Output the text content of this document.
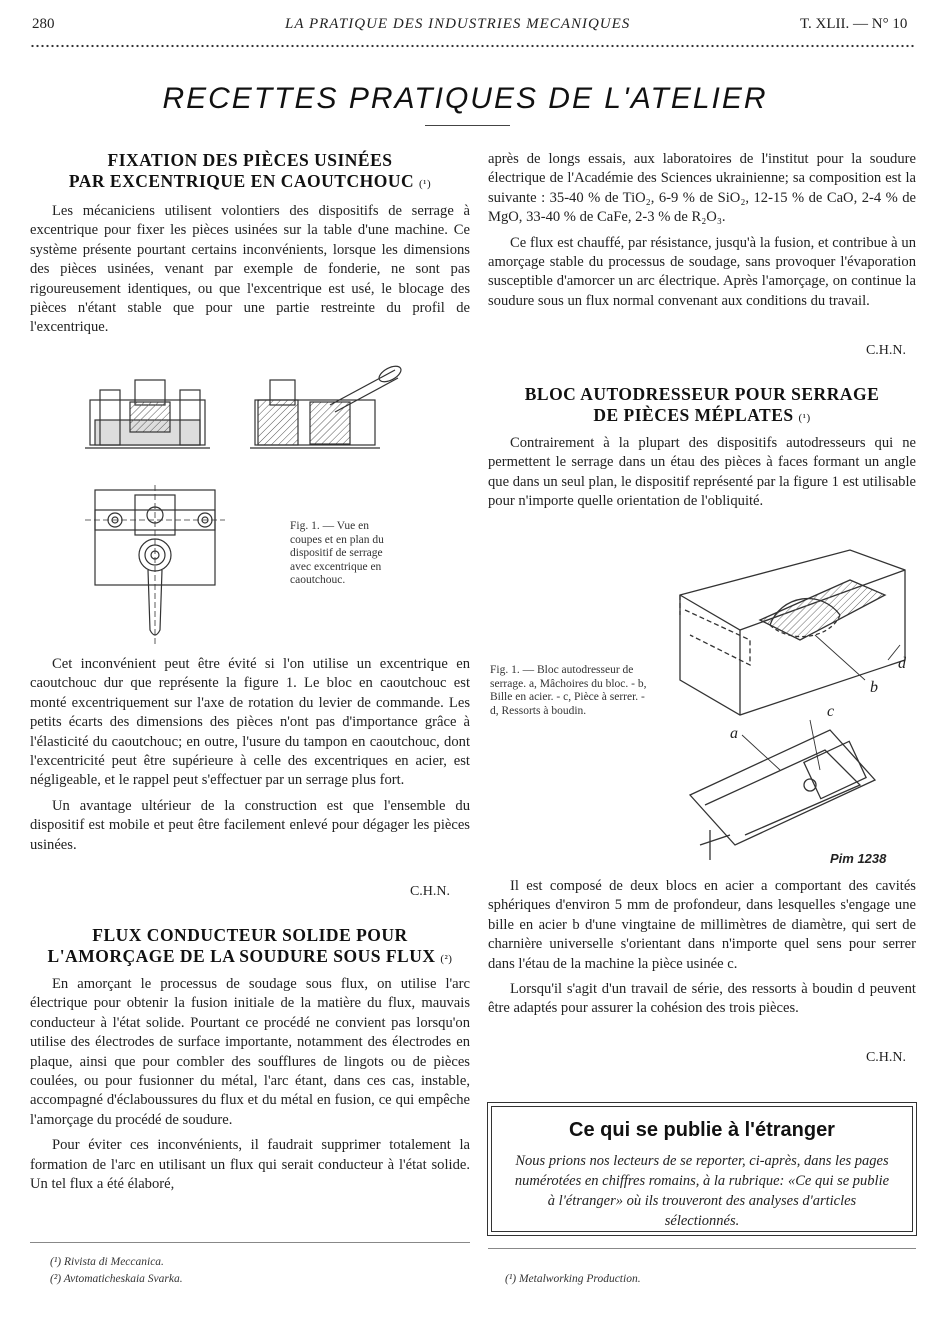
280	LA PRATIQUE DES INDUSTRIES MECANIQUES	T. XLII. — N° 10
RECETTES PRATIQUES DE L'ATELIER
FIXATION DES PIÈCES USINÉES
PAR EXCENTRIQUE EN CAOUTCHOUC (¹)

Les mécaniciens utilisent volontiers des dispositifs de serrage à excentrique pour fixer les pièces usinées sur la table d'une machine. Ce système présente pourtant certains inconvénients, lorsque les dimensions des pièces usinées, venant par exemple de fonderie, ne sont pas rigoureusement identiques, ou que l'excentrique est usé, le blocage des pièces n'étant stable que pour une partie restreinte du profil de l'excentrique.

Fig. 1. — Vue en coupes et en plan du dispositif de serrage avec excentrique en caoutchouc.

Cet inconvénient peut être évité si l'on utilise un excentrique en caoutchouc dur que représente la figure 1. Le bloc en caoutchouc est monté excentriquement sur l'axe de rotation du levier de commande. Les petits écarts des dimensions des pièces n'ont pas d'importance grâce à l'élasticité du caoutchouc; en outre, l'usure du tampon en caoutchouc, dont l'excentricité peut être supérieure à celle des excentriques en acier, est négligeable, et le rappel peut s'effectuer par un serrage plus fort.

Un avantage ultérieur de la construction est que l'ensemble du dispositif est mobile et peut être facilement enlevé pour dégager les pièces usinées.

C.H.N.
FLUX CONDUCTEUR SOLIDE POUR
L'AMORÇAGE DE LA SOUDURE SOUS FLUX (²)

En amorçant le processus de soudage sous flux, on utilise l'arc électrique pour obtenir la fusion initiale de la matière du flux, mauvais conducteur à l'état solide. Pourtant ce procédé ne convient pas lorsqu'on utilise des électrodes de surface importante, notamment des électrodes en plaque, ainsi que pour combler des soufflures de lingots ou de pièces coulées, ou pour fusionner du métal, l'arc étant, dans ces cas, instable, accompagné d'éclaboussures du flux et du métal en fusion, ce qui empêche l'amorçage du procédé de soudure.

Pour éviter ces inconvénients, il faudrait supprimer totalement la formation de l'arc en utilisant un flux qui serait conducteur à l'état solide. Un tel flux a été élaboré,

après de longs essais, aux laboratoires de l'institut pour la soudure électrique de l'Académie des Sciences ukrainienne; sa composition est la suivante : 35-40 % de TiO₂, 6-9 % de SiO₂, 12-15 % de CaO, 2-4 % de MgO, 33-40 % de CaFe, 2-3 % de R₂O₃.

Ce flux est chauffé, par résistance, jusqu'à la fusion, et contribue à un amorçage stable du processus de soudage, sans provoquer l'évaporation susceptible d'amorcer un arc électrique. Après l'amorçage, on continue la soudure sous un flux normal convenant aux conditions du travail.

C.H.N.
BLOC AUTODRESSEUR POUR SERRAGE
DE PIÈCES MÉPLATES (¹)

Contrairement à la plupart des dispositifs autodresseurs qui ne permettent le serrage dans un étau des pièces à faces formant un angle que dans un seul plan, le dispositif représenté par la figure 1 est utilisable pour n'importe quelle orientation de l'obliquité.

b
d
c
a
Pim 1238
Fig. 1. — Bloc autodresseur de serrage. a, Mâchoires du bloc. - b, Bille en acier. - c, Pièce à serrer. - d, Ressorts à boudin.

Il est composé de deux blocs en acier a comportant des cavités sphériques d'environ 5 mm de profondeur, dans lesquelles s'engage une bille en acier b d'une vingtaine de millimètres de diamètre, qui sert de charnière universelle s'orientant dans n'importe quel sens pour serrer dans l'étau de la machine la pièce usinée c.

Lorsqu'il s'agit d'un travail de série, des ressorts à boudin d peuvent être adaptés pour assurer la cohésion des trois pièces.

C.H.N.
Ce qui se publie à l'étranger
Nous prions nos lecteurs de se reporter, ci-après, dans les pages numérotées en chiffres romains, à la rubrique: «Ce qui se publie à l'étranger» où ils trouveront des analyses d'articles sélectionnés.
(¹) Rivista di Meccanica.
(²) Avtomaticheskaia Svarka.	(¹) Metalworking Production.
